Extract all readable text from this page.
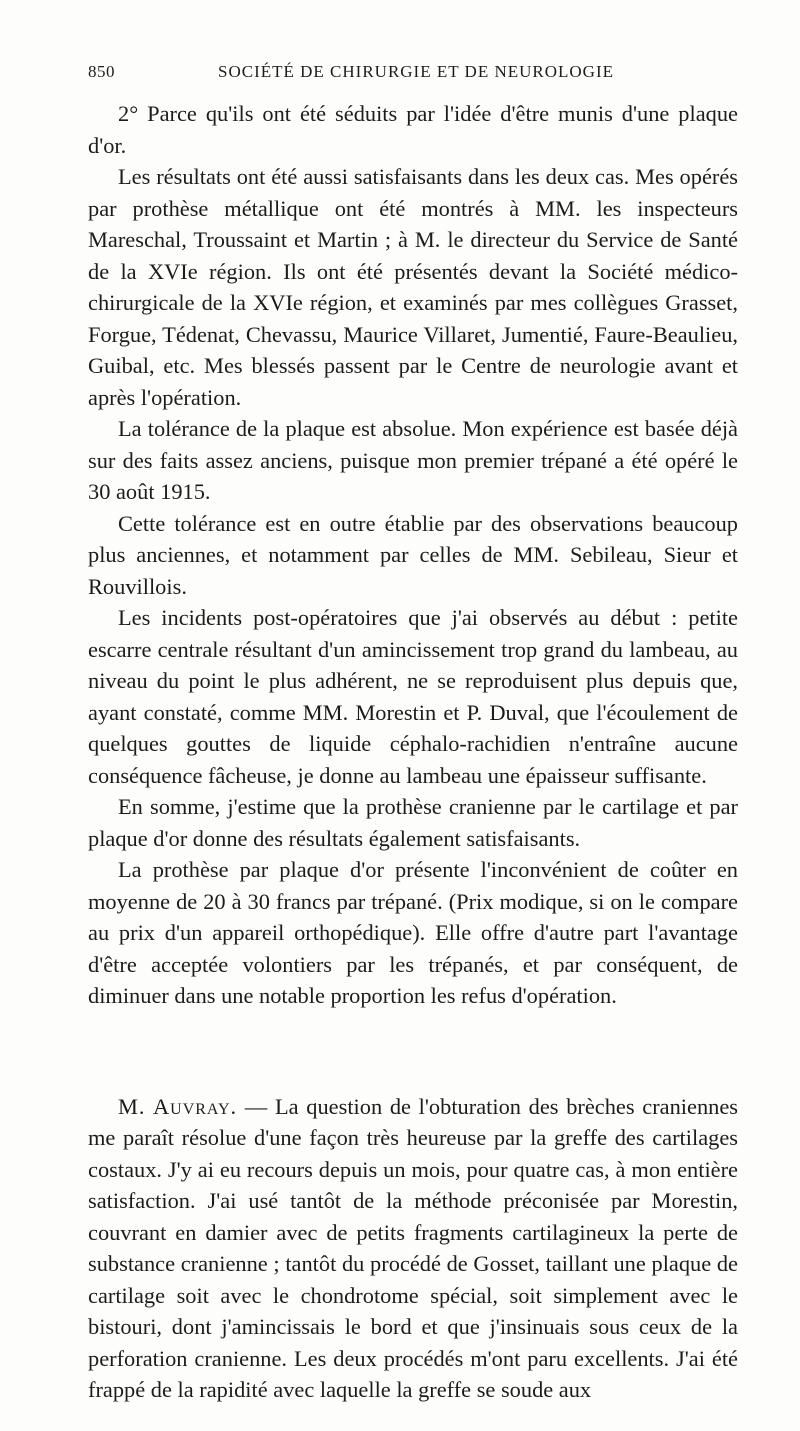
850	SOCIÉTÉ DE CHIRURGIE ET DE NEUROLOGIE

2° Parce qu'ils ont été séduits par l'idée d'être munis d'une plaque d'or.

Les résultats ont été aussi satisfaisants dans les deux cas. Mes opérés par prothèse métallique ont été montrés à MM. les inspecteurs Mareschal, Troussaint et Martin ; à M. le directeur du Service de Santé de la XVIe région. Ils ont été présentés devant la Société médico-chirurgicale de la XVIe région, et examinés par mes collègues Grasset, Forgue, Tédenat, Chevassu, Maurice Villaret, Jumentié, Faure-Beaulieu, Guibal, etc. Mes blessés passent par le Centre de neurologie avant et après l'opération.

La tolérance de la plaque est absolue. Mon expérience est basée déjà sur des faits assez anciens, puisque mon premier trépané a été opéré le 30 août 1915.

Cette tolérance est en outre établie par des observations beaucoup plus anciennes, et notamment par celles de MM. Sebileau, Sieur et Rouvillois.

Les incidents post-opératoires que j'ai observés au début : petite escarre centrale résultant d'un amincissement trop grand du lambeau, au niveau du point le plus adhérent, ne se reproduisent plus depuis que, ayant constaté, comme MM. Morestin et P. Duval, que l'écoulement de quelques gouttes de liquide céphalo-rachidien n'entraîne aucune conséquence fâcheuse, je donne au lambeau une épaisseur suffisante.

En somme, j'estime que la prothèse cranienne par le cartilage et par plaque d'or donne des résultats également satisfaisants.

La prothèse par plaque d'or présente l'inconvénient de coûter en moyenne de 20 à 30 francs par trépané. (Prix modique, si on le compare au prix d'un appareil orthopédique). Elle offre d'autre part l'avantage d'être acceptée volontiers par les trépanés, et par conséquent, de diminuer dans une notable proportion les refus d'opération.

M. Auvray. — La question de l'obturation des brèches craniennes me paraît résolue d'une façon très heureuse par la greffe des cartilages costaux. J'y ai eu recours depuis un mois, pour quatre cas, à mon entière satisfaction. J'ai usé tantôt de la méthode préconisée par Morestin, couvrant en damier avec de petits fragments cartilagineux la perte de substance cranienne ; tantôt du procédé de Gosset, taillant une plaque de cartilage soit avec le chondrotome spécial, soit simplement avec le bistouri, dont j'amincissais le bord et que j'insinuais sous ceux de la perforation cranienne. Les deux procédés m'ont paru excellents. J'ai été frappé de la rapidité avec laquelle la greffe se soude aux
